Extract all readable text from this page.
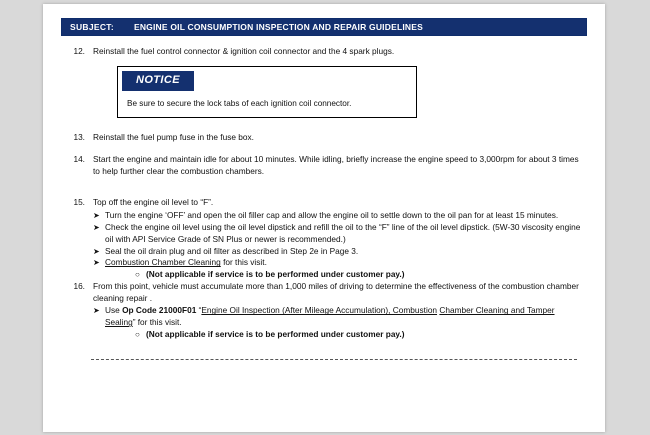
SUBJECT:	ENGINE OIL CONSUMPTION INSPECTION AND REPAIR GUIDELINES
12. Reinstall the fuel control connector & ignition coil connector and the 4 spark plugs.
NOTICE
Be sure to secure the lock tabs of each ignition coil connector.
13. Reinstall the fuel pump fuse in the fuse box.
14. Start the engine and maintain idle for about 10 minutes. While idling, briefly increase the engine speed to 3,000rpm for about 3 times to help further clear the combustion chambers.
15. Top off the engine oil level to “F”.
➤ Turn the engine ‘OFF’ and open the oil filler cap and allow the engine oil to settle down to the oil pan for at least 15 minutes.
➤ Check the engine oil level using the oil level dipstick and refill the oil to the “F” line of the oil level dipstick. (5W-30 viscosity engine oil with API Service Grade of SN Plus or newer is recommended.)
➤ Seal the oil drain plug and oil filter as described in Step 2e in Page 3.
➤ Combustion Chamber Cleaning for this visit.
○ (Not applicable if service is to be performed under customer pay.)
16. From this point, vehicle must accumulate more than 1,000 miles of driving to determine the effectiveness of the combustion chamber cleaning repair .
➤ Use Op Code 21000F01 “Engine Oil Inspection (After Mileage Accumulation), Combustion Chamber Cleaning and Tamper Sealing” for this visit.
○ (Not applicable if service is to be performed under customer pay.)
